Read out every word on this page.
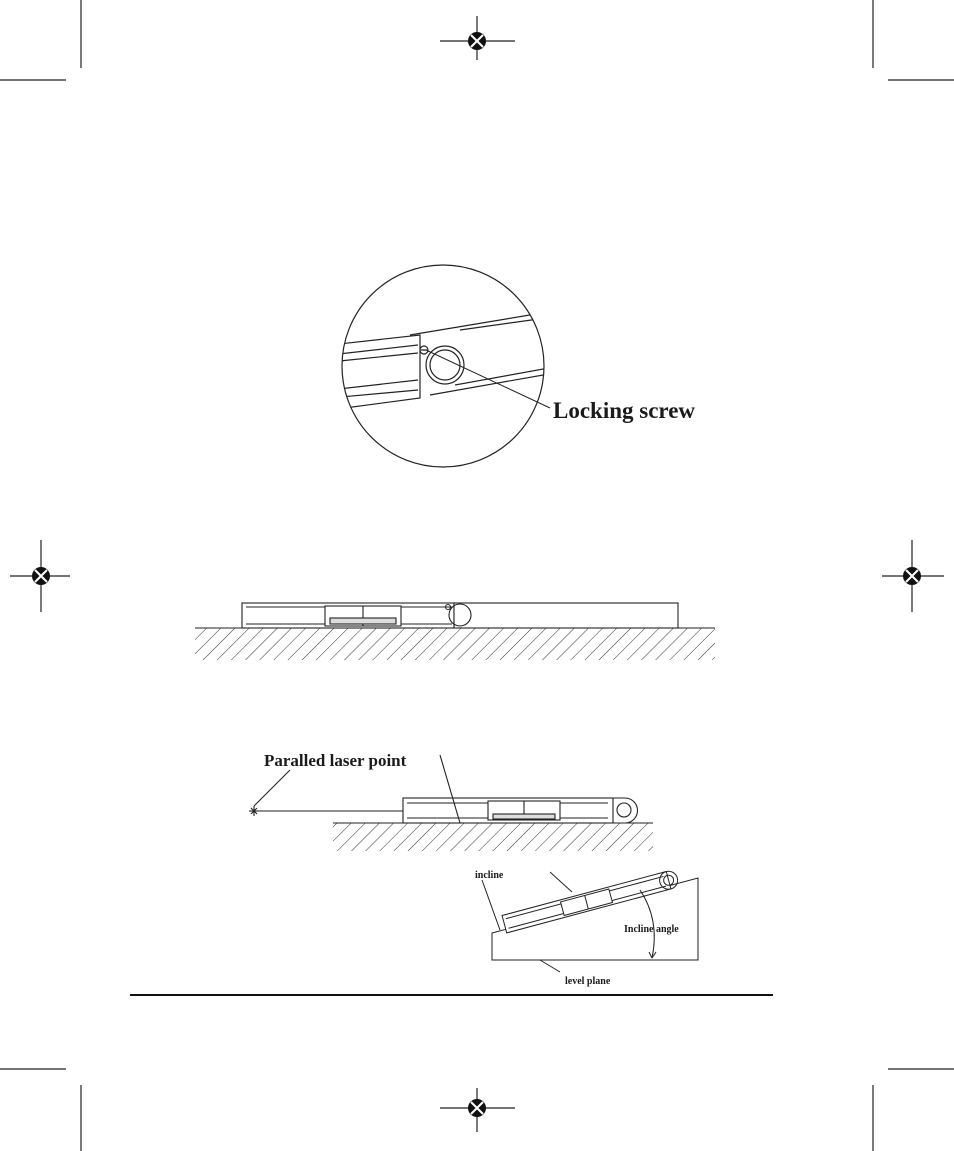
Locking screw
Paralled laser point
incline
Incline angle
level plane
